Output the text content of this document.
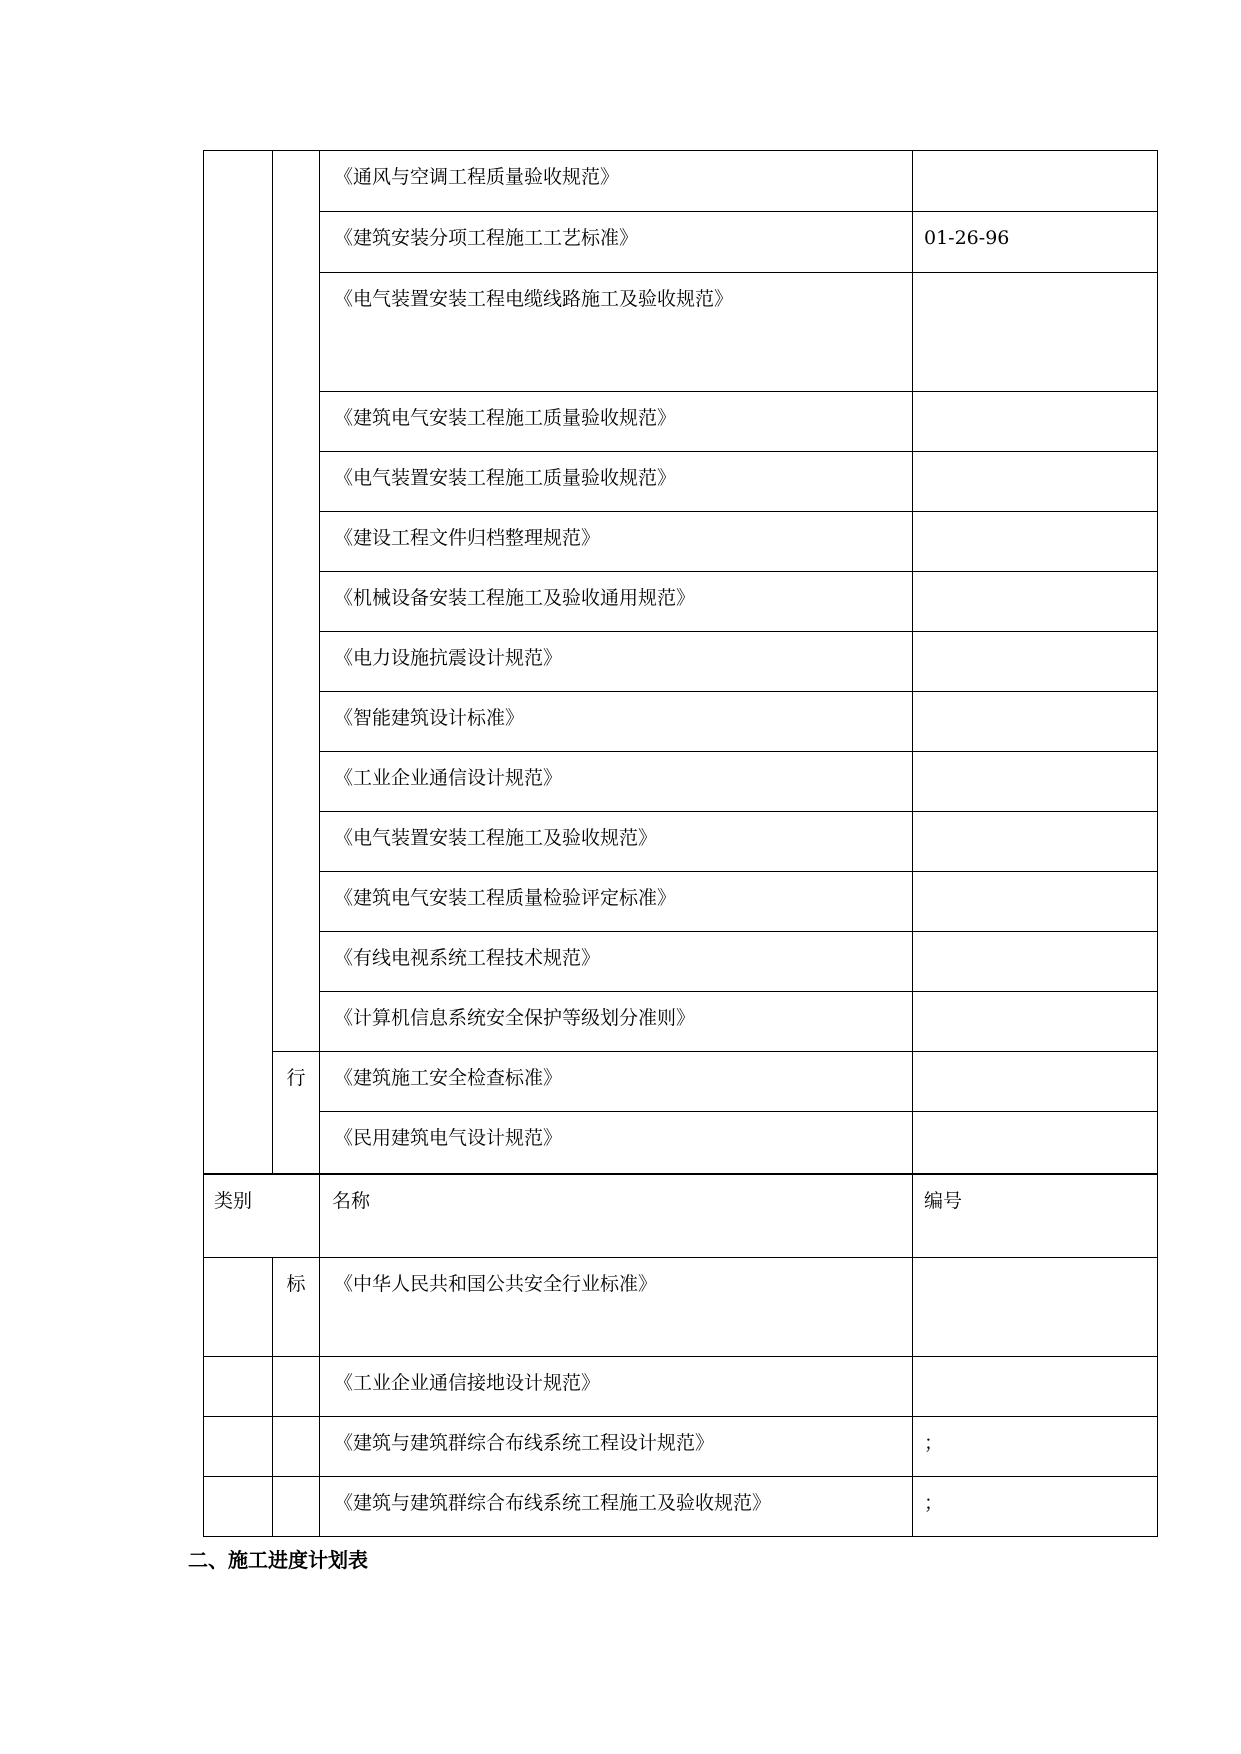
		《通风与空调工程质量验收规范》	
		《建筑安装分项工程施工工艺标准》	01-26-96
		《电气装置安装工程电缆线路施工及验收规范》	
		《建筑电气安装工程施工质量验收规范》	
		《电气装置安装工程施工质量验收规范》	
		《建设工程文件归档整理规范》	
		《机械设备安装工程施工及验收通用规范》	
		《电力设施抗震设计规范》	
		《智能建筑设计标准》	
		《工业企业通信设计规范》	
		《电气装置安装工程施工及验收规范》	
		《建筑电气安装工程质量检验评定标准》	
		《有线电视系统工程技术规范》	
		《计算机信息系统安全保护等级划分准则》	
	行	《建筑施工安全检查标准》	
		《民用建筑电气设计规范》	
类别		名称	编号
	标	《中华人民共和国公共安全行业标准》	
		《工业企业通信接地设计规范》	
		《建筑与建筑群综合布线系统工程设计规范》	；
		《建筑与建筑群综合布线系统工程施工及验收规范》	；
二、施工进度计划表
